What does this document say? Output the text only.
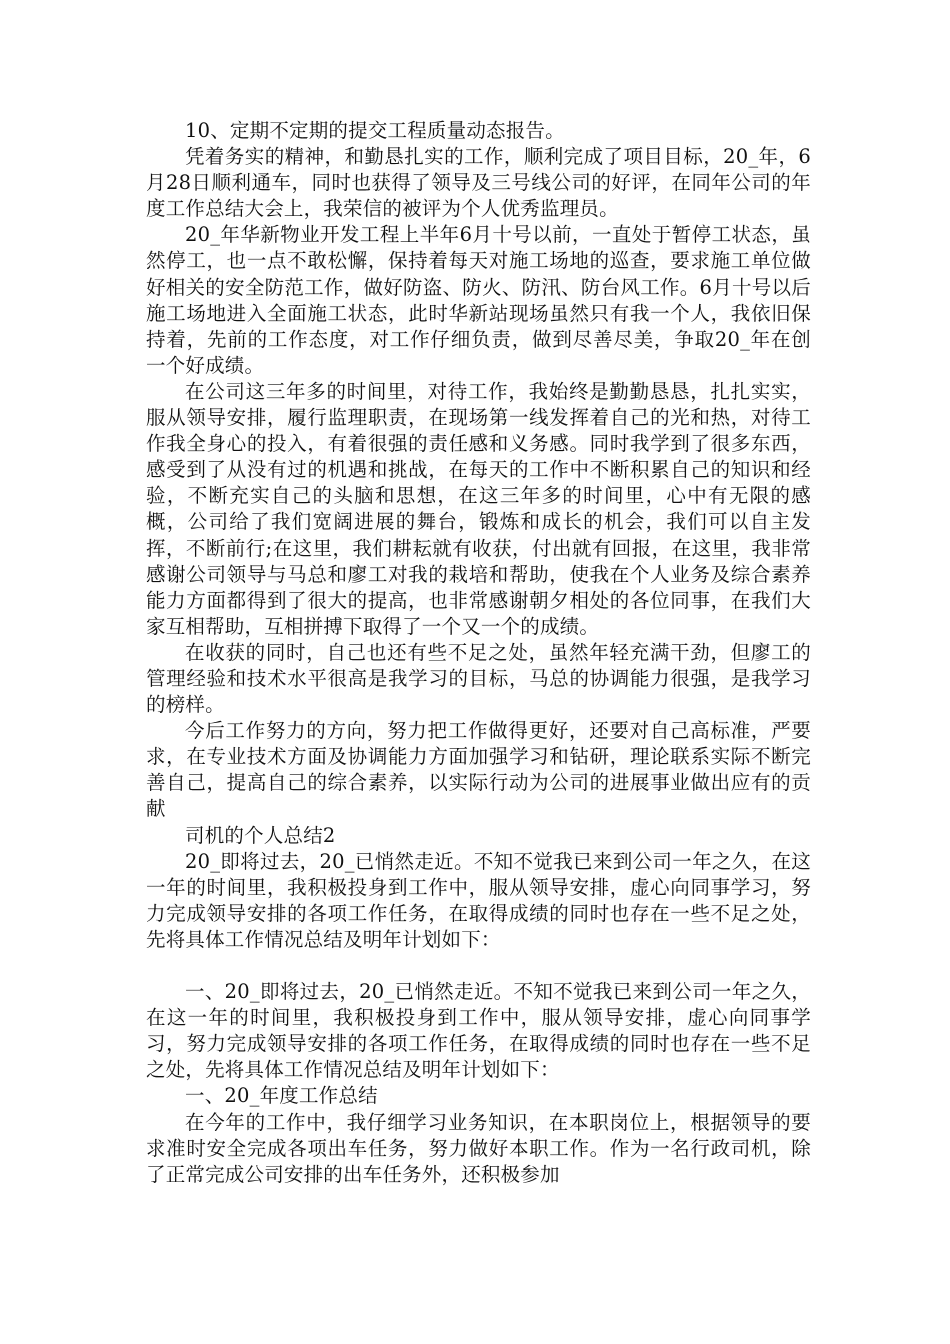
10、定期不定期的提交工程质量动态报告。

凭着务实的精神，和勤恳扎实的工作，顺利完成了项目目标，20_年，6月28日顺利通车，同时也获得了领导及三号线公司的好评，在同年公司的年度工作总结大会上，我荣信的被评为个人优秀监理员。

20_年华新物业开发工程上半年6月十号以前，一直处于暂停工状态，虽然停工，也一点不敢松懈，保持着每天对施工场地的巡查，要求施工单位做好相关的安全防范工作，做好防盗、防火、防汛、防台风工作。6月十号以后施工场地进入全面施工状态，此时华新站现场虽然只有我一个人，我依旧保持着，先前的工作态度，对工作仔细负责，做到尽善尽美，争取20_年在创一个好成绩。

在公司这三年多的时间里，对待工作，我始终是勤勤恳恳，扎扎实实，服从领导安排，履行监理职责，在现场第一线发挥着自己的光和热，对待工作我全身心的投入，有着很强的责任感和义务感。同时我学到了很多东西，感受到了从没有过的机遇和挑战，在每天的工作中不断积累自己的知识和经验，不断充实自己的头脑和思想，在这三年多的时间里，心中有无限的感概，公司给了我们宽阔进展的舞台，锻炼和成长的机会，我们可以自主发挥，不断前行;在这里，我们耕耘就有收获，付出就有回报，在这里，我非常感谢公司领导与马总和廖工对我的栽培和帮助，使我在个人业务及综合素养能力方面都得到了很大的提高，也非常感谢朝夕相处的各位同事，在我们大家互相帮助，互相拼搏下取得了一个又一个的成绩。

在收获的同时，自己也还有些不足之处，虽然年轻充满干劲，但廖工的管理经验和技术水平很高是我学习的目标，马总的协调能力很强，是我学习的榜样。

今后工作努力的方向，努力把工作做得更好，还要对自己高标准，严要求，在专业技术方面及协调能力方面加强学习和钻研，理论联系实际不断完善自己，提高自己的综合素养，以实际行动为公司的进展事业做出应有的贡献

司机的个人总结2

20_即将过去，20_已悄然走近。不知不觉我已来到公司一年之久，在这一年的时间里，我积极投身到工作中，服从领导安排，虚心向同事学习，努力完成领导安排的各项工作任务，在取得成绩的同时也存在一些不足之处，先将具体工作情况总结及明年计划如下：

一、20_即将过去，20_已悄然走近。不知不觉我已来到公司一年之久，在这一年的时间里，我积极投身到工作中，服从领导安排，虚心向同事学习，努力完成领导安排的各项工作任务，在取得成绩的同时也存在一些不足之处，先将具体工作情况总结及明年计划如下：

一、20_年度工作总结

在今年的工作中，我仔细学习业务知识，在本职岗位上，根据领导的要求准时安全完成各项出车任务，努力做好本职工作。作为一名行政司机，除了正常完成公司安排的出车任务外，还积极参加
